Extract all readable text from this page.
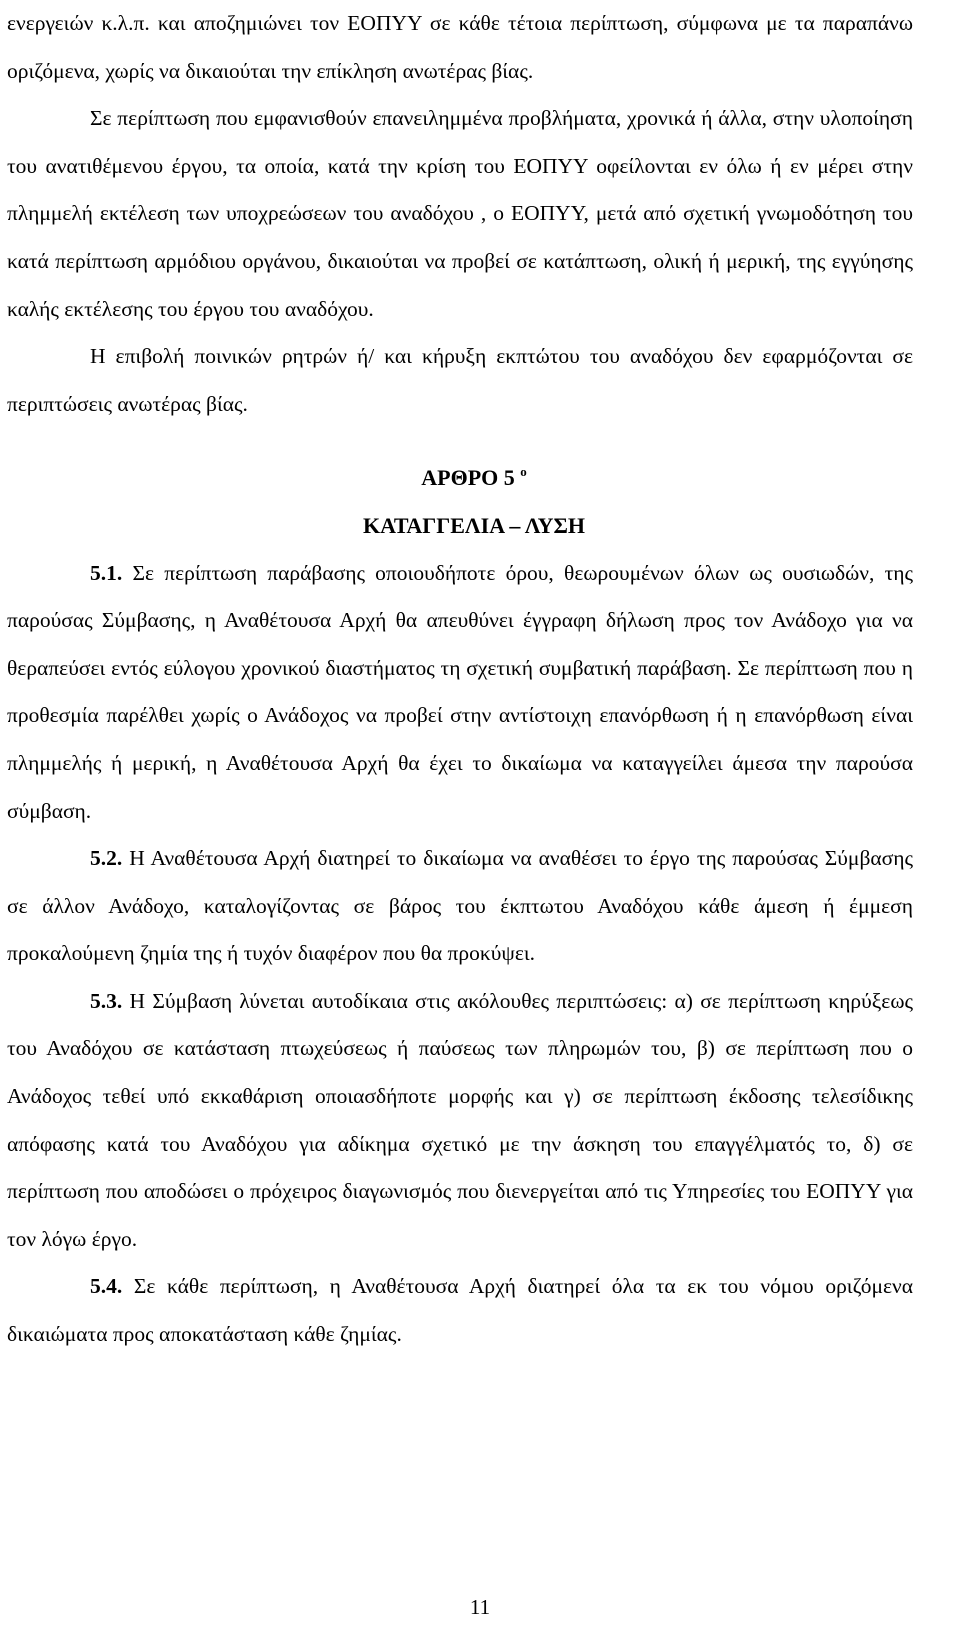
ενεργειών κ.λ.π. και αποζημιώνει τον ΕΟΠΥΥ σε κάθε τέτοια περίπτωση, σύμφωνα με τα παραπάνω οριζόμενα, χωρίς να δικαιούται την επίκληση ανωτέρας βίας.

Σε περίπτωση που εμφανισθούν επανειλημμένα προβλήματα, χρονικά ή άλλα, στην υλοποίηση του ανατιθέμενου έργου, τα οποία, κατά την κρίση του ΕΟΠΥΥ οφείλονται εν όλω ή εν μέρει στην πλημμελή εκτέλεση των υποχρεώσεων του αναδόχου , ο ΕΟΠΥΥ, μετά από σχετική γνωμοδότηση του κατά περίπτωση αρμόδιου οργάνου, δικαιούται να προβεί σε κατάπτωση, ολική ή μερική, της εγγύησης καλής εκτέλεσης του έργου του αναδόχου.

Η επιβολή ποινικών ρητρών ή/ και κήρυξη εκπτώτου του αναδόχου δεν εφαρμόζονται σε περιπτώσεις ανωτέρας βίας.

ΑΡΘΡΟ 5 $^o$
ΚΑΤΑΓΓΕΛΙΑ – ΛΥΣΗ

5.1. Σε περίπτωση παράβασης οποιουδήποτε όρου, θεωρουμένων όλων ως ουσιωδών, της παρούσας Σύμβασης, η Αναθέτουσα Αρχή θα απευθύνει έγγραφη δήλωση προς τον Ανάδοχο για να θεραπεύσει εντός εύλογου χρονικού διαστήματος τη σχετική συμβατική παράβαση. Σε περίπτωση που η προθεσμία παρέλθει χωρίς ο Ανάδοχος να προβεί στην αντίστοιχη επανόρθωση ή η επανόρθωση είναι πλημμελής ή μερική, η Αναθέτουσα Αρχή θα έχει το δικαίωμα να καταγγείλει άμεσα την παρούσα σύμβαση.

5.2. Η Αναθέτουσα Αρχή διατηρεί το δικαίωμα να αναθέσει το έργο της παρούσας Σύμβασης σε άλλον Ανάδοχο, καταλογίζοντας σε βάρος του έκπτωτου Αναδόχου κάθε άμεση ή έμμεση προκαλούμενη ζημία της ή τυχόν διαφέρον που θα προκύψει.

5.3. Η Σύμβαση λύνεται αυτοδίκαια στις ακόλουθες περιπτώσεις: α) σε περίπτωση κηρύξεως του Αναδόχου σε κατάσταση πτωχεύσεως ή παύσεως των πληρωμών του, β) σε περίπτωση που ο Ανάδοχος τεθεί υπό εκκαθάριση οποιασδήποτε μορφής και γ) σε περίπτωση έκδοσης τελεσίδικης απόφασης κατά του Αναδόχου για αδίκημα σχετικό με την άσκηση του επαγγέλματός το, δ) σε περίπτωση που αποδώσει ο πρόχειρος διαγωνισμός που διενεργείται από τις Υπηρεσίες του ΕΟΠΥΥ για τον λόγω έργο.

5.4. Σε κάθε περίπτωση, η Αναθέτουσα Αρχή διατηρεί όλα τα εκ του νόμου οριζόμενα δικαιώματα προς αποκατάσταση κάθε ζημίας.

11
